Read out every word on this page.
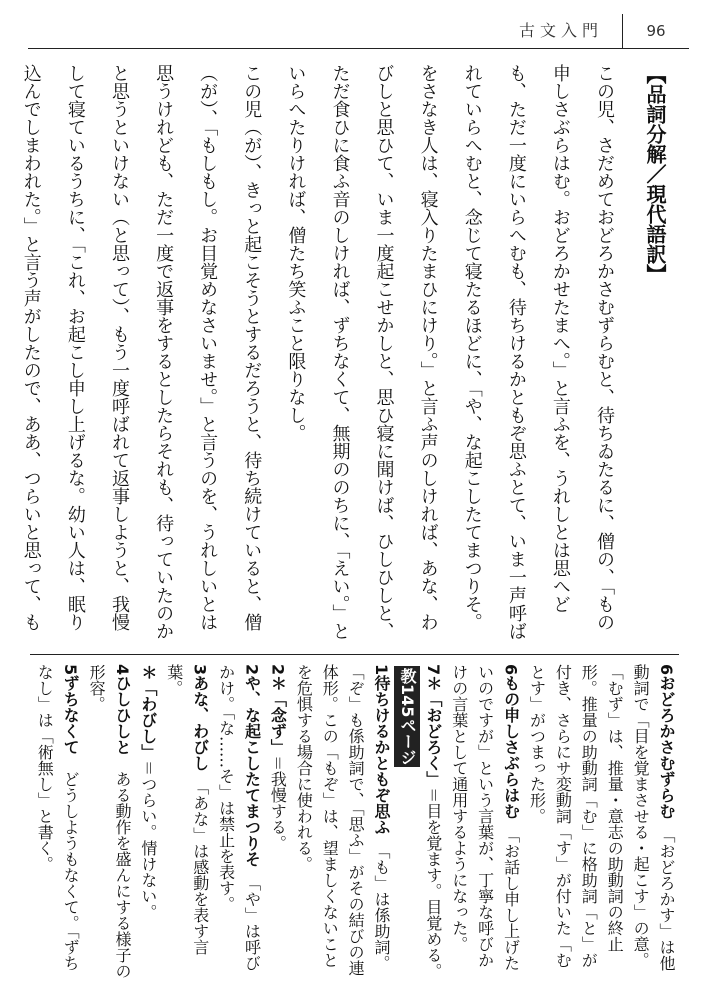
古文入門	96
【品詞分解／現代語訳】
この児、さだめておどろかさむずらむと、待ちゐたるに、僧の、「もの申しさぶらはむ。おどろかせたまへ。」と言ふを、うれしとは思へども、ただ一度にいらへむも、待ちけるかともぞ思ふとて、いま一声呼ばれていらへむと、念じて寝たるほどに、「や、な起こしたてまつりそ。をさなき人は、寝入りたまひにけり。」と言ふ声のしければ、あな、わびしと思ひて、いま一度起こせかしと、思ひ寝に聞けば、ひしひしと、ただ食ひに食ふ音のしければ、ずちなくて、無期ののちに、「えい。」といらへたりければ、僧たち笑ふこと限りなし。
この児（が）、きっと起こそうとするだろうと、待ち続けていると、僧（が）、「もしもし。お目覚めなさいませ。」と言うのを、うれしいとは思うけれども、ただ一度で返事をするとしたらそれも、待っていたのかと思うといけない（と思って）、もう一度呼ばれて返事しようと、我慢して寝ているうちに、「これ、お起こし申し上げるな。幼い人は、眠り込んでしまわれた。」と言う声がしたので、ああ、つらいと思って、も

6おどろかさむずらむ　「おどろかす」は他動詞で「目を覚まさせる・起こす」の意。「むず」は、推量・意志の助動詞の終止形。推量の助動詞「む」に格助詞「と」が付き、さらにサ変動詞「す」が付いた「むとす」がつまった形。

6もの申しさぶらはむ　「お話し申し上げたいのですが」という言葉が、丁寧な呼びかけの言葉として通用するようになった。

7＊「おどろく」＝目を覚ます。目覚める。

教145ページ

1待ちけるかともぞ思ふ　「も」は係助詞。「ぞ」も係助詞で、「思ふ」がその結びの連体形。この「もぞ」は、望ましくないことを危惧する場合に使われる。

2＊「念ず」＝我慢する。

2や、な起こしたてまつりそ　「や」は呼びかけ。「な……そ」は禁止を表す。

3あな、わびし　「あな」は感動を表す言葉。

＊「わびし」＝つらい。情けない。

4ひしひしと　ある動作を盛んにする様子の形容。

5ずちなくて　どうしようもなくて。「ずちなし」は「術無し」と書く。
